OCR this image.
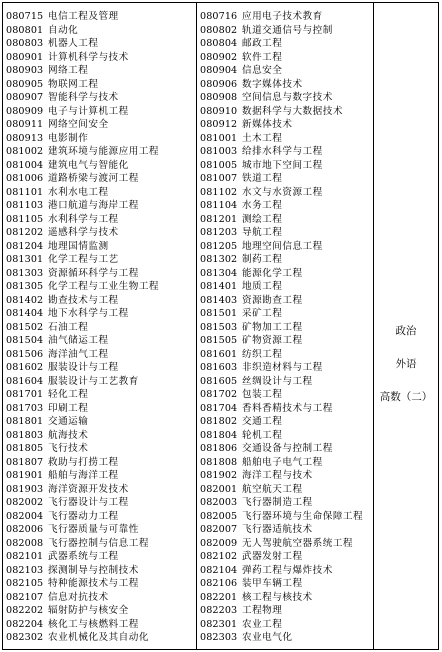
080715 电信工程及管理
080801 自动化
080803 机器人工程
080901 计算机科学与技术
080903 网络工程
080905 物联网工程
080907 智能科学与技术
080909 电子与计算机工程
080911 网络空间安全
080913 电影制作
081002 建筑环境与能源应用工程
081004 建筑电气与智能化
081006 道路桥梁与渡河工程
081101 水利水电工程
081103 港口航道与海岸工程
081105 水利科学与工程
081202 遥感科学与技术
081204 地理国情监测
081301 化学工程与工艺
081303 资源循环科学与工程
081305 化学工程与工业生物工程
081402 勘查技术与工程
081404 地下水科学与工程
081502 石油工程
081504 油气储运工程
081506 海洋油气工程
081602 服装设计与工程
081604 服装设计与工艺教育
081701 轻化工程
081703 印刷工程
081801 交通运输
081803 航海技术
081805 飞行技术
081807 救助与打捞工程
081901 船舶与海洋工程
081903 海洋资源开发技术
082002 飞行器设计与工程
082004 飞行器动力工程
082006 飞行器质量与可靠性
082008 飞行器控制与信息工程
082101 武器系统与工程
082103 探测制导与控制技术
082105 特种能源技术与工程
082107 信息对抗技术
082202 辐射防护与核安全
082204 核化工与核燃料工程
082302 农业机械化及其自动化
080716 应用电子技术教育
080802 轨道交通信号与控制
080804 邮政工程
080902 软件工程
080904 信息安全
080906 数字媒体技术
080908 空间信息与数字技术
080910 数据科学与大数据技术
080912 新媒体技术
081001 土木工程
081003 给排水科学与工程
081005 城市地下空间工程
081007 铁道工程
081102 水文与水资源工程
081104 水务工程
081201 测绘工程
081203 导航工程
081205 地理空间信息工程
081302 制药工程
081304 能源化学工程
081401 地质工程
081403 资源勘查工程
081501 采矿工程
081503 矿物加工工程
081505 矿物资源工程
081601 纺织工程
081603 非织造材料与工程
081605 丝绸设计与工程
081702 包装工程
081704 香料香精技术与工程
081802 交通工程
081804 轮机工程
081806 交通设备与控制工程
081808 船舶电子电气工程
081902 海洋工程与技术
082001 航空航天工程
082003 飞行器制造工程
082005 飞行器环境与生命保障工程
082007 飞行器适航技术
082009 无人驾驶航空器系统工程
082102 武器发射工程
082104 弹药工程与爆炸技术
082106 装甲车辆工程
082201 核工程与核技术
082203 工程物理
082301 农业工程
082303 农业电气化
政治
外语
高数（二）
